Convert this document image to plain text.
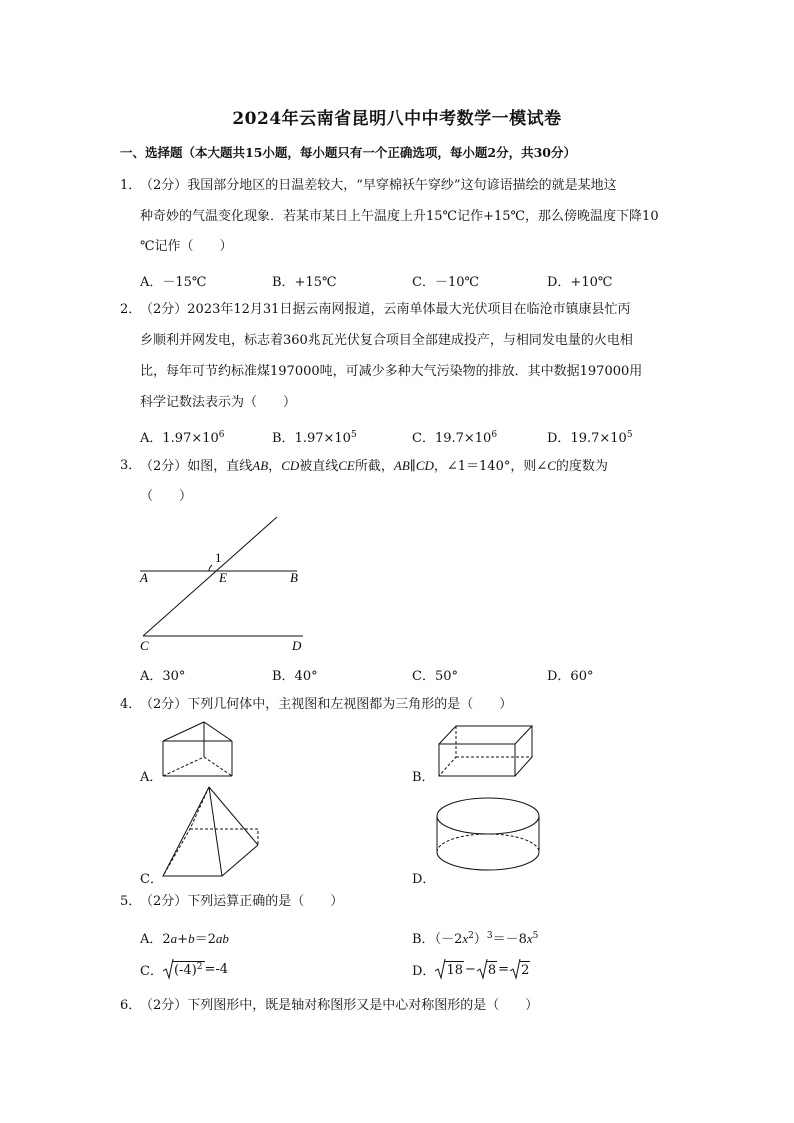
2024年云南省昆明八中中考数学一模试卷
一、选择题（本大题共15小题，每小题只有一个正确选项，每小题2分，共30分）
1．
（2分）我国部分地区的日温差较大，“早穿棉袄午穿纱”这句谚语描绘的就是某地这
种奇妙的气温变化现象．若某市某日上午温度上升15℃记作+15℃，那么傍晚温度下降10
℃记作（　　）
A．－15℃	B．+15℃	C．－10℃	D．+10℃
2．
（2分）2023年12月31日据云南网报道，云南单体最大光伏项目在临沧市镇康县忙丙
乡顺利并网发电，标志着360兆瓦光伏复合项目全部建成投产，与相同发电量的火电相
比，每年可节约标准煤197000吨，可减少多种大气污染物的排放．其中数据197000用
科学记数法表示为（　　）
A．$1.97\times 10^6$	B．$1.97\times 10^5$	C．$19.7\times 10^6$	D．$19.7\times 10^5$
3．
（2分）如图，直线AB，CD被直线CE所截，AB∥CD，∠1＝140°，则∠C的度数为
（　　）
1
A	E	B
C	D
A．30°	B．40°	C．50°	D．60°
4．
（2分）下列几何体中，主视图和左视图都为三角形的是（　　）
A．	B．
C．	D．
5．
（2分）下列运算正确的是（　　）
A．2a+b＝2ab	B．$(-2x^2)^3=-8x^5$
C． $(-4)^2 =-4$	D． 18 − 8 = 2
6．
（2分）下列图形中，既是轴对称图形又是中心对称图形的是（　　）
